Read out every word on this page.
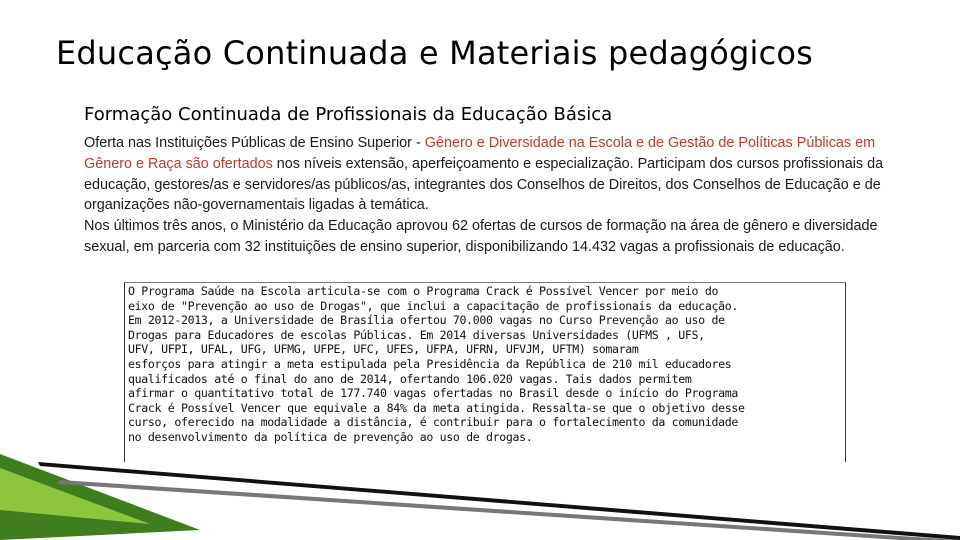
Educação Continuada e Materiais pedagógicos
Formação Continuada de Profissionais da Educação Básica

Oferta nas Instituições Públicas de Ensino Superior - Gênero e Diversidade na Escola e de Gestão de Políticas Públicas em Gênero e Raça são ofertados nos níveis extensão, aperfeiçoamento e especialização. Participam dos cursos profissionais da educação, gestores/as e servidores/as públicos/as, integrantes dos Conselhos de Direitos, dos Conselhos de Educação e de organizações não-governamentais ligadas à temática.

Nos últimos três anos, o Ministério da Educação aprovou 62 ofertas de cursos de formação na área de gênero e diversidade sexual, em parceria com 32 instituições de ensino superior, disponibilizando 14.432 vagas a profissionais de educação.

O Programa Saúde na Escola articula-se com o Programa Crack é Possível Vencer por meio do
eixo de "Prevenção ao uso de Drogas", que inclui a capacitação de profissionais da educação.
Em 2012-2013, a Universidade de Brasília ofertou 70.000 vagas no Curso Prevenção ao uso de
Drogas para Educadores de escolas Públicas. Em 2014 diversas Universidades (UFMS , UFS,
UFV, UFPI, UFAL, UFG, UFMG, UFPE, UFC, UFES, UFPA, UFRN, UFVJM, UFTM) somaram
esforços para atingir a meta estipulada pela Presidência da República de 210 mil educadores
qualificados até o final do ano de 2014, ofertando 106.020 vagas. Tais dados permitem
afirmar o quantitativo total de 177.740 vagas ofertadas no Brasil desde o início do Programa
Crack é Possível Vencer que equivale a 84% da meta atingida. Ressalta-se que o objetivo desse
curso, oferecido na modalidade a distância, é contribuir para o fortalecimento da comunidade
no desenvolvimento da política de prevenção ao uso de drogas.
